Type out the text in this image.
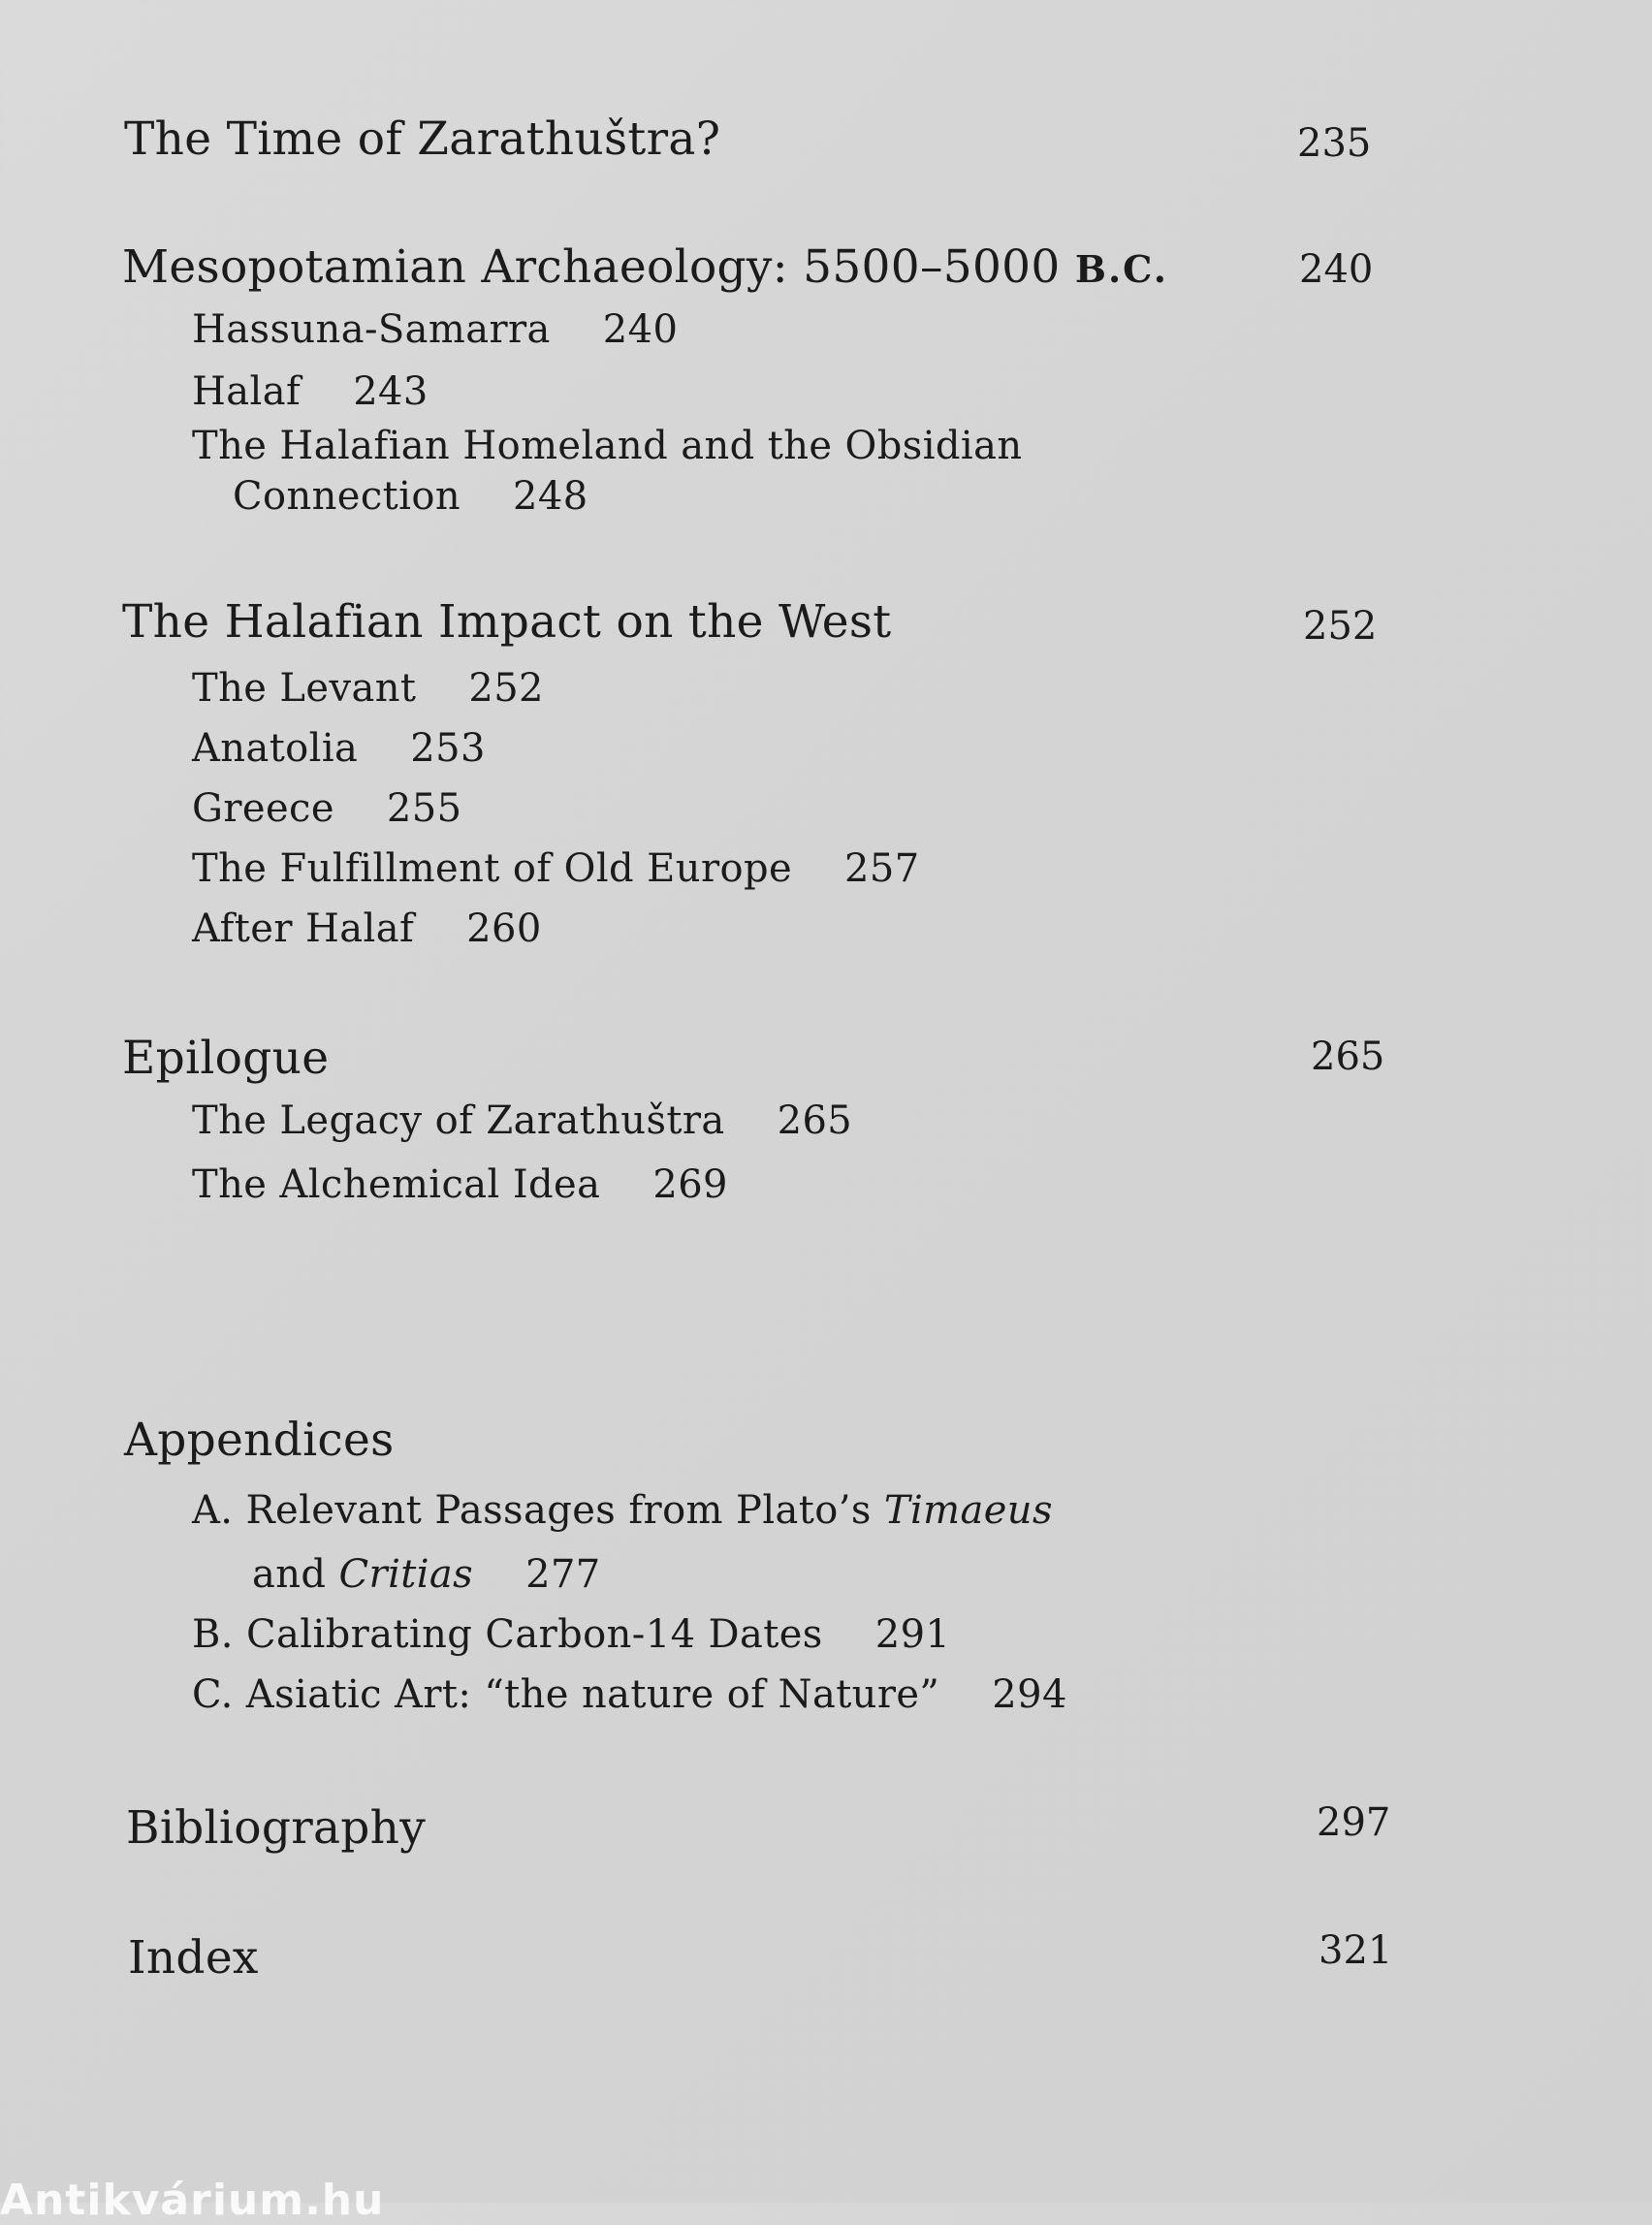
The Time of Zarathuštra?	235
Mesopotamian Archaeology: 5500–5000 B.C.	240
Hassuna-Samarra 240
Halaf 243
The Halafian Homeland and the Obsidian
Connection 248
The Halafian Impact on the West	252
The Levant 252
Anatolia 253
Greece 255
The Fulfillment of Old Europe 257
After Halaf 260
Epilogue	265
The Legacy of Zarathuštra 265
The Alchemical Idea 269
Appendices
A. Relevant Passages from Plato’s Timaeus
and Critias 277
B. Calibrating Carbon-14 Dates 291
C. Asiatic Art: “the nature of Nature” 294
Bibliography	297
Index	321
Antikvárium.hu
